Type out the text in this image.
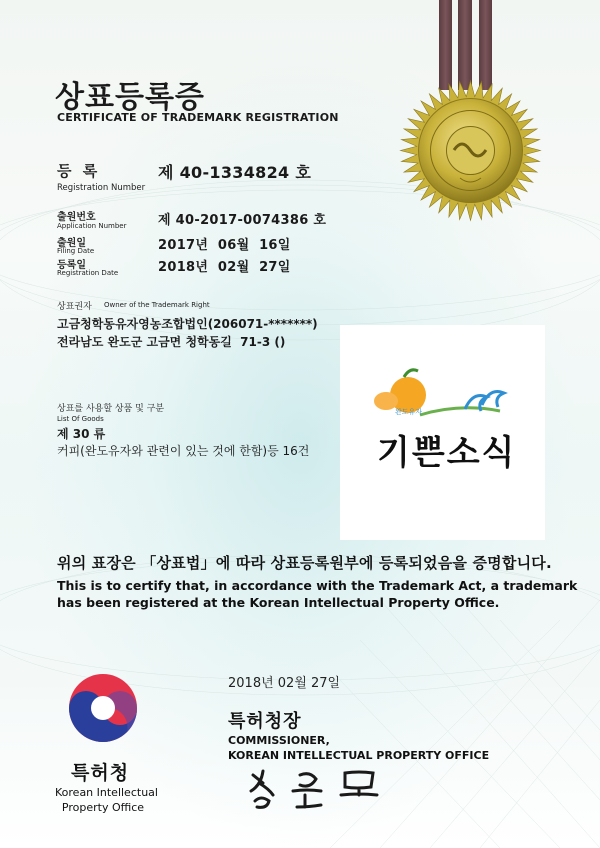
상표등록증
CERTIFICATE OF TRADEMARK REGISTRATION
등 록
Registration Number
제 40-1334824 호
출원번호
Application Number 제 40-2017-0074386 호
출원일
Filing Date	2017년  06월  16일
등록일
Registration Date	2018년  02월  27일
상표권자 Owner of the Trademark Right
고금청학동유자영농조합법인(206071-*******)
전라남도 완도군 고금면 청학동길  71-3 ()
상표를 사용할 상품 및 구분
List Of Goods
제 30 류
커피(완도유자와 관련이 있는 것에 한함)등 16건
완도유자
기쁜소식
위의 표장은 「상표법」에 따라 상표등록원부에 등록되었음을 증명합니다.
This is to certify that, in accordance with the Trademark Act, a trademark
has been registered at the Korean Intellectual Property Office.
2018년 02월 27일
특허청장
COMMISSIONER,
KOREAN INTELLECTUAL PROPERTY OFFICE
특허청
Korean Intellectual
Property Office
